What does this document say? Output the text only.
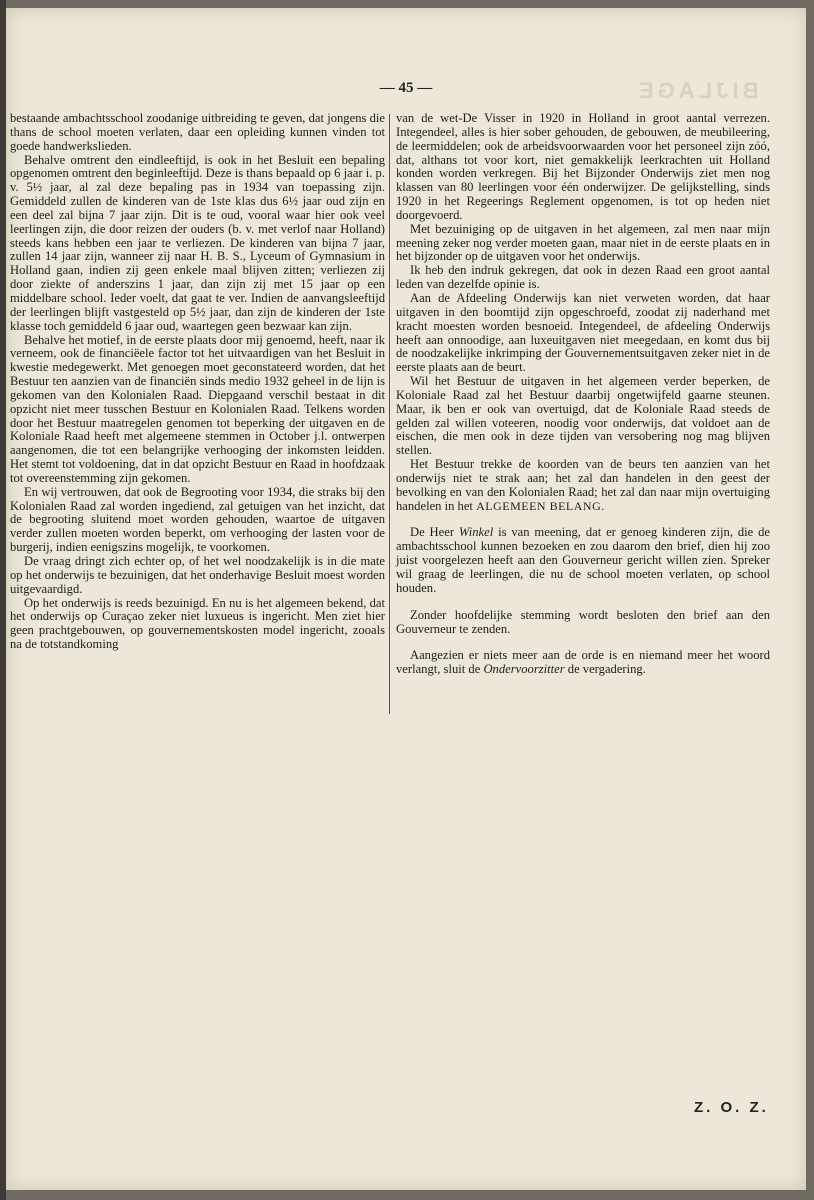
BIJLAGE
— 45 —

bestaande ambachtsschool zoodanige uitbreiding te geven, dat jongens die thans de school moeten verlaten, daar een opleiding kunnen vinden tot goede handwerkslieden.

Behalve omtrent den eindleeftijd, is ook in het Besluit een bepaling opgenomen omtrent den beginleeftijd. Deze is thans bepaald op 6 jaar i. p. v. 5½ jaar, al zal deze bepaling pas in 1934 van toepassing zijn. Gemiddeld zullen de kinderen van de 1ste klas dus 6½ jaar oud zijn en een deel zal bijna 7 jaar zijn. Dit is te oud, vooral waar hier ook veel leerlingen zijn, die door reizen der ouders (b. v. met verlof naar Holland) steeds kans hebben een jaar te verliezen. De kinderen van bijna 7 jaar, zullen 14 jaar zijn, wanneer zij naar H. B. S., Lyceum of Gymnasium in Holland gaan, indien zij geen enkele maal blijven zitten; verliezen zij door ziekte of anderszins 1 jaar, dan zijn zij met 15 jaar op een middelbare school. Ieder voelt, dat gaat te ver. Indien de aanvangsleeftijd der leerlingen blijft vastgesteld op 5½ jaar, dan zijn de kinderen der 1ste klasse toch gemiddeld 6 jaar oud, waartegen geen bezwaar kan zijn.

Behalve het motief, in de eerste plaats door mij genoemd, heeft, naar ik verneem, ook de financiëele factor tot het uitvaardigen van het Besluit in kwestie medegewerkt. Met genoegen moet geconstateerd worden, dat het Bestuur ten aanzien van de financiën sinds medio 1932 geheel in de lijn is gekomen van den Kolonialen Raad. Diepgaand verschil bestaat in dit opzicht niet meer tusschen Bestuur en Kolonialen Raad. Telkens worden door het Bestuur maatregelen genomen tot beperking der uitgaven en de Koloniale Raad heeft met algemeene stemmen in October j.l. ontwerpen aangenomen, die tot een belangrijke verhooging der inkomsten leidden. Het stemt tot voldoening, dat in dat opzicht Bestuur en Raad in hoofdzaak tot overeenstemming zijn gekomen.

En wij vertrouwen, dat ook de Begrooting voor 1934, die straks bij den Kolonialen Raad zal worden ingediend, zal getuigen van het inzicht, dat de begrooting sluitend moet worden gehouden, waartoe de uitgaven verder zullen moeten worden beperkt, om verhooging der lasten voor de burgerij, indien eenigszins mogelijk, te voorkomen.

De vraag dringt zich echter op, of het wel noodzakelijk is in die mate op het onderwijs te bezuinigen, dat het onderhavige Besluit moest worden uitgevaardigd.

Op het onderwijs is reeds bezuinigd. En nu is het algemeen bekend, dat het onderwijs op Curaçao zeker niet luxueus is ingericht. Men ziet hier geen prachtgebouwen, op gouvernementskosten model ingericht, zooals na de totstandkoming

van de wet-De Visser in 1920 in Holland in groot aantal verrezen. Integendeel, alles is hier sober gehouden, de gebouwen, de meubileering, de leermiddelen; ook de arbeidsvoorwaarden voor het personeel zijn zóó, dat, althans tot voor kort, niet gemakkelijk leerkrachten uit Holland konden worden verkregen. Bij het Bijzonder Onderwijs ziet men nog klassen van 80 leerlingen voor één onderwijzer. De gelijkstelling, sinds 1920 in het Regeerings Reglement opgenomen, is tot op heden niet doorgevoerd.

Met bezuiniging op de uitgaven in het algemeen, zal men naar mijn meening zeker nog verder moeten gaan, maar niet in de eerste plaats en in het bijzonder op de uitgaven voor het onderwijs.

Ik heb den indruk gekregen, dat ook in dezen Raad een groot aantal leden van dezelfde opinie is.

Aan de Afdeeling Onderwijs kan niet verweten worden, dat haar uitgaven in den boomtijd zijn opgeschroefd, zoodat zij naderhand met kracht moesten worden besnoeid. Integendeel, de afdeeling Onderwijs heeft aan onnoodige, aan luxeuitgaven niet meegedaan, en komt dus bij de noodzakelijke inkrimping der Gouvernementsuitgaven zeker niet in de eerste plaats aan de beurt.

Wil het Bestuur de uitgaven in het algemeen verder beperken, de Koloniale Raad zal het Bestuur daarbij ongetwijfeld gaarne steunen. Maar, ik ben er ook van overtuigd, dat de Koloniale Raad steeds de gelden zal willen voteeren, noodig voor onderwijs, dat voldoet aan de eischen, die men ook in deze tijden van versobering nog mag blijven stellen.

Het Bestuur trekke de koorden van de beurs ten aanzien van het onderwijs niet te strak aan; het zal dan handelen in den geest der bevolking en van den Kolonialen Raad; het zal dan naar mijn overtuiging handelen in het ALGEMEEN BELANG.

De Heer Winkel is van meening, dat er genoeg kinderen zijn, die de ambachtsschool kunnen bezoeken en zou daarom den brief, dien hij zoo juist voorgelezen heeft aan den Gouverneur gericht willen zien. Spreker wil graag de leerlingen, die nu de school moeten verlaten, op school houden.

Zonder hoofdelijke stemming wordt besloten den brief aan den Gouverneur te zenden.

Aangezien er niets meer aan de orde is en niemand meer het woord verlangt, sluit de Ondervoorzitter de vergadering.

Z. O. Z.
